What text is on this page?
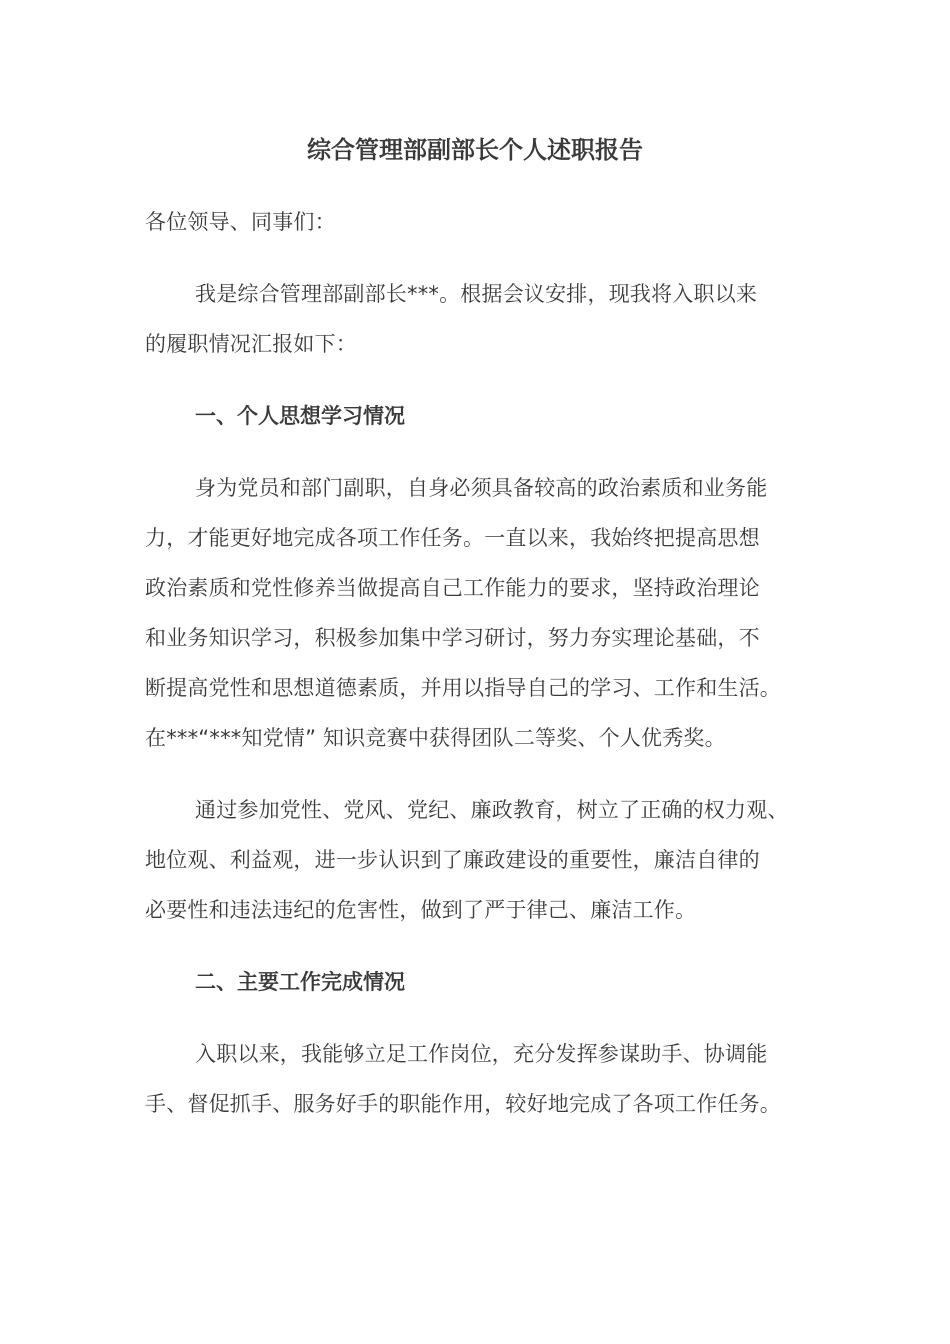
综合管理部副部长个人述职报告

各位领导、同事们：

我是综合管理部副部长***。根据会议安排，现我将入职以来
的履职情况汇报如下：

一、个人思想学习情况

身为党员和部门副职，自身必须具备较高的政治素质和业务能
力，才能更好地完成各项工作任务。一直以来，我始终把提高思想
政治素质和党性修养当做提高自己工作能力的要求，坚持政治理论
和业务知识学习，积极参加集中学习研讨，努力夯实理论基础，不
断提高党性和思想道德素质，并用以指导自己的学习、工作和生活。
在***“***知党情” 知识竞赛中获得团队二等奖、个人优秀奖。

通过参加党性、党风、党纪、廉政教育，树立了正确的权力观、
地位观、利益观，进一步认识到了廉政建设的重要性，廉洁自律的
必要性和违法违纪的危害性，做到了严于律己、廉洁工作。

二、主要工作完成情况

入职以来，我能够立足工作岗位，充分发挥参谋助手、协调能
手、督促抓手、服务好手的职能作用，较好地完成了各项工作任务。
